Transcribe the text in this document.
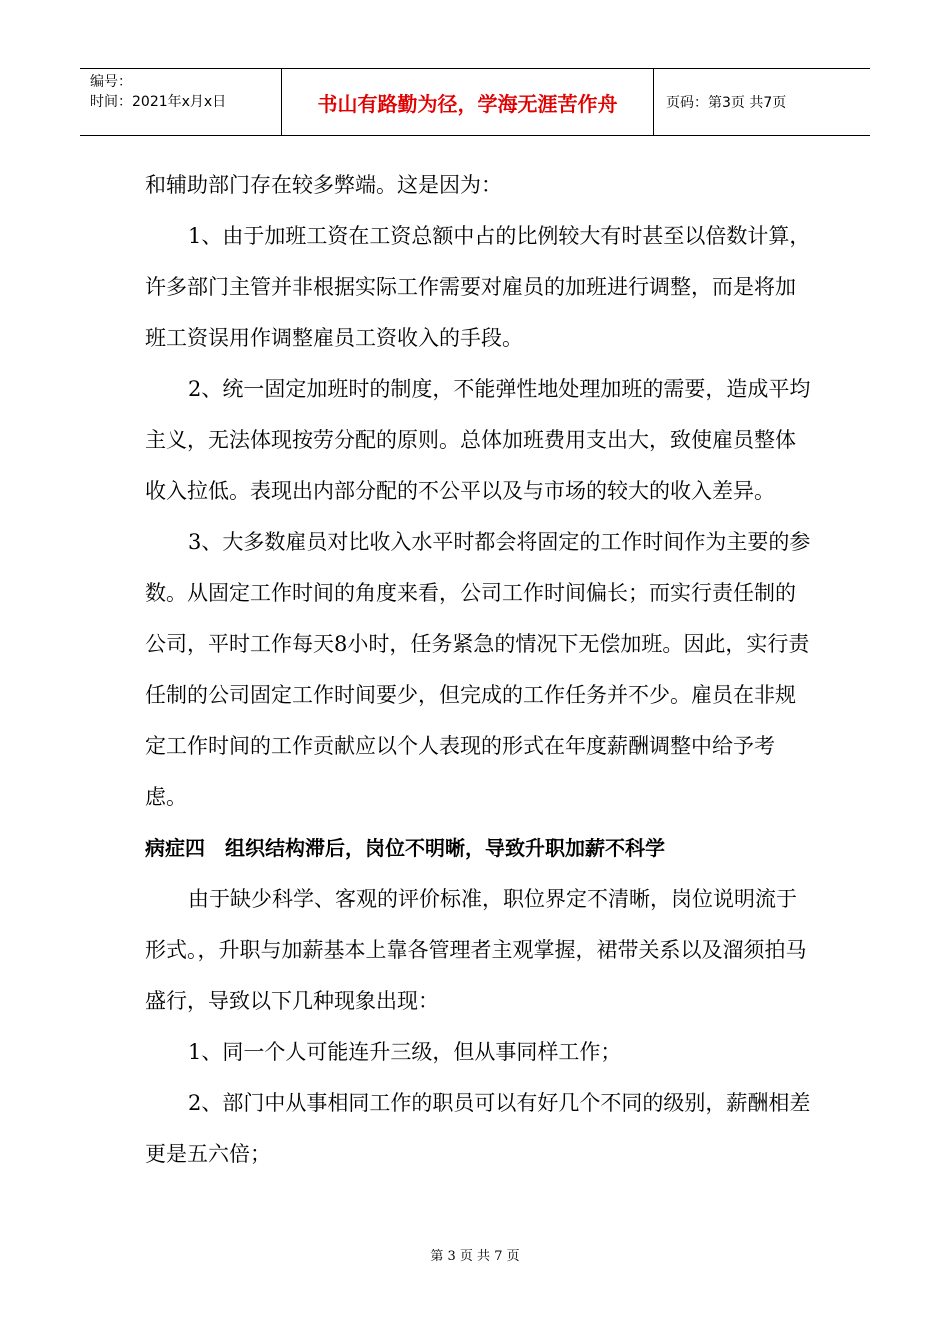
编号：
时间：2021年x月x日	书山有路勤为径，学海无涯苦作舟	页码：第3页 共7页

和辅助部门存在较多弊端。这是因为：

1、由于加班工资在工资总额中占的比例较大有时甚至以倍数计算，许多部门主管并非根据实际工作需要对雇员的加班进行调整，而是将加班工资误用作调整雇员工资收入的手段。

2、统一固定加班时的制度，不能弹性地处理加班的需要，造成平均主义，无法体现按劳分配的原则。总体加班费用支出大，致使雇员整体收入拉低。表现出内部分配的不公平以及与市场的较大的收入差异。

3、大多数雇员对比收入水平时都会将固定的工作时间作为主要的参数。从固定工作时间的角度来看，公司工作时间偏长；而实行责任制的公司，平时工作每天8小时，任务紧急的情况下无偿加班。因此，实行责任制的公司固定工作时间要少，但完成的工作任务并不少。雇员在非规定工作时间的工作贡献应以个人表现的形式在年度薪酬调整中给予考虑。

病症四　组织结构滞后，岗位不明晰，导致升职加薪不科学

由于缺少科学、客观的评价标准，职位界定不清晰，岗位说明流于形式。，升职与加薪基本上靠各管理者主观掌握，裙带关系以及溜须拍马盛行，导致以下几种现象出现：

1、同一个人可能连升三级，但从事同样工作；

2、部门中从事相同工作的职员可以有好几个不同的级别，薪酬相差更是五六倍；

第 3 页 共 7 页
